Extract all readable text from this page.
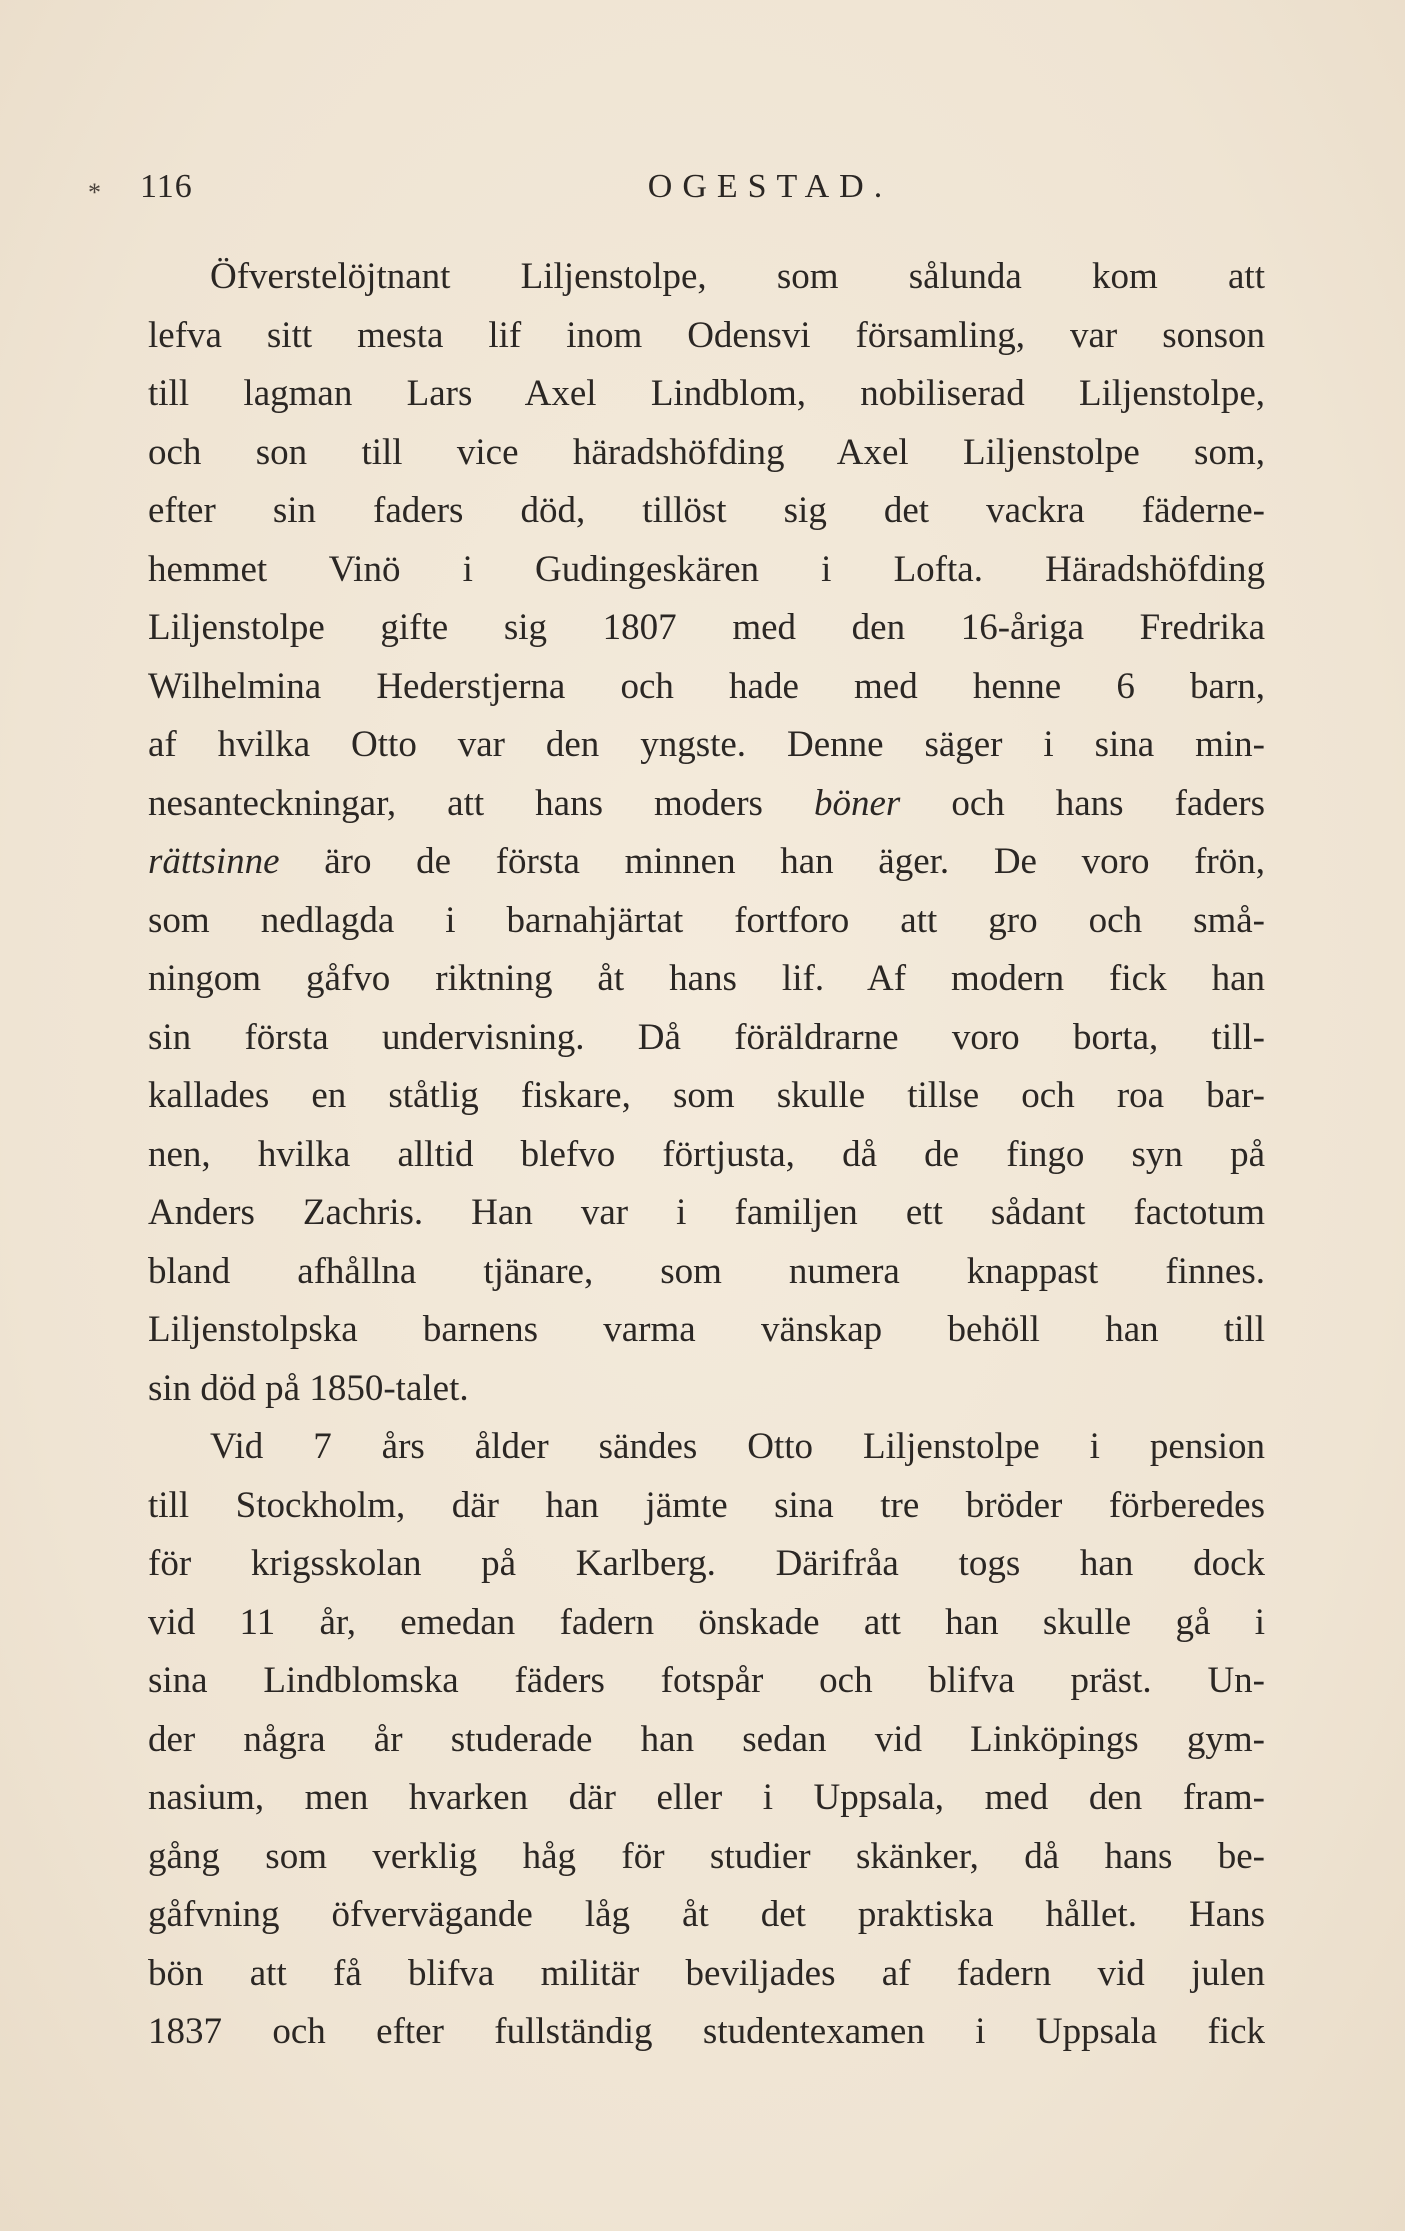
* 116	OGESTAD.
Öfverstelöjtnant Liljenstolpe, som sålunda kom att
lefva sitt mesta lif inom Odensvi församling, var sonson
till lagman Lars Axel Lindblom, nobiliserad Liljenstolpe,
och son till vice häradshöfding Axel Liljenstolpe som,
efter sin faders död, tillöst sig det vackra fäderne-
hemmet Vinö i Gudingeskären i Lofta. Häradshöfding
Liljenstolpe gifte sig 1807 med den 16-åriga Fredrika
Wilhelmina Hederstjerna och hade med henne 6 barn,
af hvilka Otto var den yngste. Denne säger i sina min-
nesanteckningar, att hans moders böner och hans faders
rättsinne äro de första minnen han äger. De voro frön,
som nedlagda i barnahjärtat fortforo att gro och små-
ningom gåfvo riktning åt hans lif. Af modern fick han
sin första undervisning. Då föräldrarne voro borta, till-
kallades en ståtlig fiskare, som skulle tillse och roa bar-
nen, hvilka alltid blefvo förtjusta, då de fingo syn på
Anders Zachris. Han var i familjen ett sådant factotum
bland afhållna tjänare, som numera knappast finnes.
Liljenstolpska barnens varma vänskap behöll han till
sin död på 1850-talet.
Vid 7 års ålder sändes Otto Liljenstolpe i pension
till Stockholm, där han jämte sina tre bröder förberedes
för krigsskolan på Karlberg. Därifråa togs han dock
vid 11 år, emedan fadern önskade att han skulle gå i
sina Lindblomska fäders fotspår och blifva präst. Un-
der några år studerade han sedan vid Linköpings gym-
nasium, men hvarken där eller i Uppsala, med den fram-
gång som verklig håg för studier skänker, då hans be-
gåfvning öfvervägande låg åt det praktiska hållet. Hans
bön att få blifva militär beviljades af fadern vid julen
1837 och efter fullständig studentexamen i Uppsala fick
